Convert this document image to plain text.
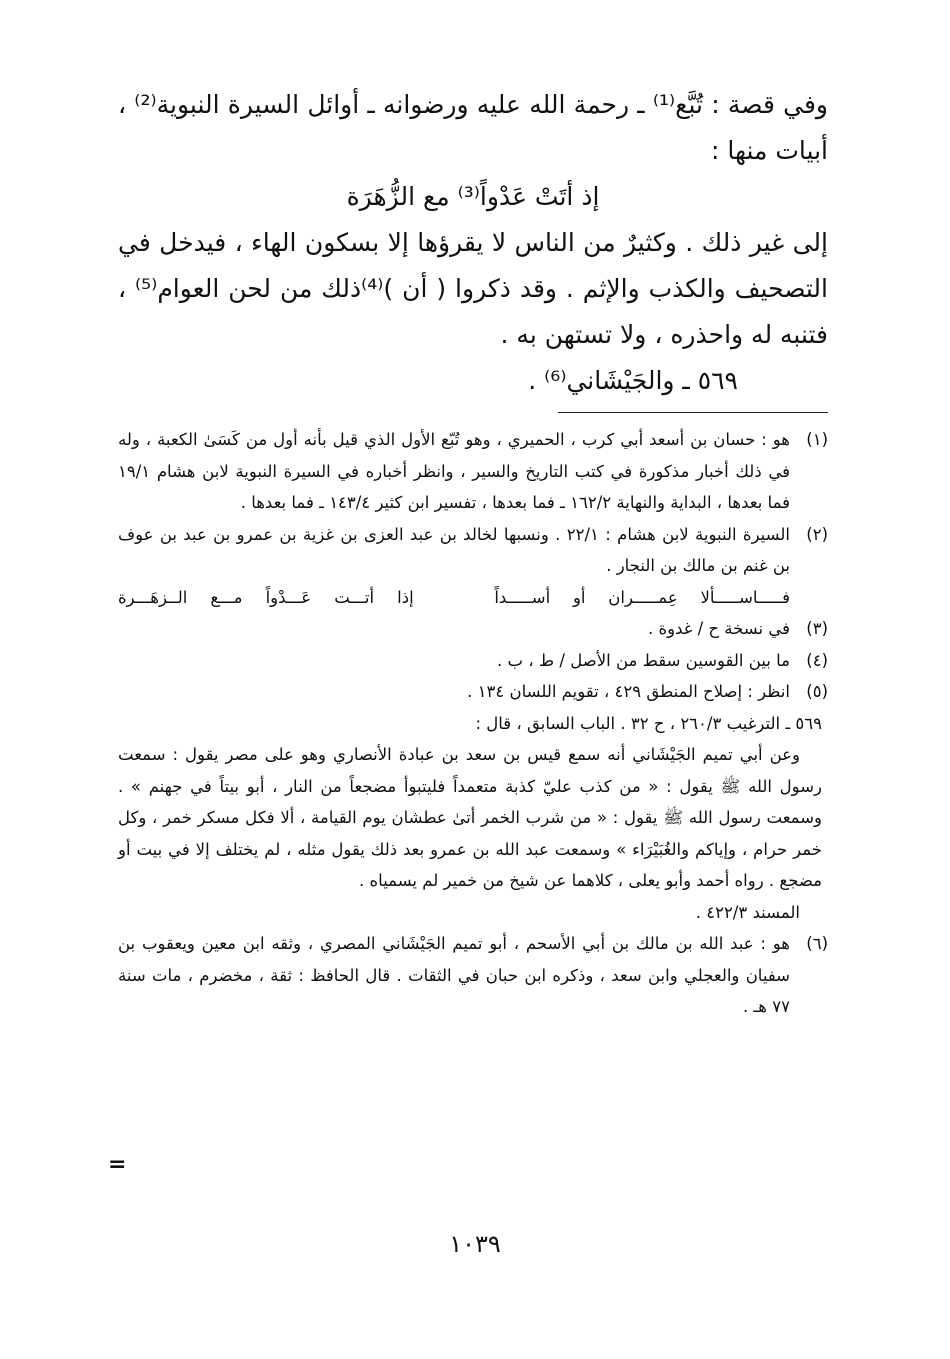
وفي قصة : تُبَّع⁽¹⁾ ـ رحمة الله عليه ورضوانه ـ أوائل السيرة النبوية⁽²⁾ ، أبيات منها :

إذ أتَتْ عَدْواً⁽³⁾ مع الزُّهَرَة

إلى غير ذلك . وكثيرٌ من الناس لا يقرؤها إلا بسكون الهاء ، فيدخل في التصحيف والكذب والإثم . وقد ذكروا ( أن )⁽⁴⁾ذلك من لحن العوام⁽⁵⁾ ، فتنبه له واحذره ، ولا تستهن به .

٥٦٩ ـ والجَيْشَاني⁽⁶⁾ .

(١)

هو : حسان بن أسعد أبي كرب ، الحميري ، وهو تُبّع الأول الذي قيل بأنه أول من كَسَىٰ الكعبة ، وله في ذلك أخبار مذكورة في كتب التاريخ والسير ، وانظر أخباره في السيرة النبوية لابن هشام ١٩/١ فما بعدها ، البداية والنهاية ١٦٢/٢ ـ فما بعدها ، تفسير ابن كثير ١٤٣/٤ ـ فما بعدها .

(٢)

السيرة النبوية لابن هشام : ٢٢/١ . ونسبها لخالد بن عبد العزى بن غزية بن عمرو بن عبد بن عوف بن غنم بن مالك بن النجار .

فـــــاســـــألا عِمـــــران أو أســـــداً
إذا أتـــت عَـــدْواً مـــع الــزهَـــرة
(٣)

في نسخة ح / غدوة .

(٤)

ما بين القوسين سقط من الأصل / ط ، ب .

(٥)

انظر : إصلاح المنطق ٤٢٩ ، تقويم اللسان ١٣٤ .

٥٦٩ ـ الترغيب ٢٦٠/٣ ، ح ٣٢ . الباب السابق ، قال :

وعن أبي تميم الجَيْشَاني أنه سمع قيس بن سعد بن عبادة الأنصاري وهو على مصر يقول : سمعت رسول الله ﷺ يقول : « من كذب عليّ كذبة متعمداً فليتبوأ مضجعاً من النار ، أبو بيتاً في جهنم » . وسمعت رسول الله ﷺ يقول : « من شرب الخمر أتىٰ عطشان يوم القيامة ، ألا فكل مسكر خمر ، وكل خمر حرام ، وإياكم والغُبَيْرَاء » وسمعت عبد الله بن عمرو بعد ذلك يقول مثله ، لم يختلف إلا في بيت أو مضجع . رواه أحمد وأبو يعلى ، كلاهما عن شيخ من خمير لم يسمياه .

المسند ٤٢٢/٣ .

(٦)

هو : عبد الله بن مالك بن أبي الأسحم ، أبو تميم الجَيْشَاني المصري ، وثقه ابن معين ويعقوب بن سفيان والعجلي وابن سعد ، وذكره ابن حبان في الثقات . قال الحافظ : ثقة ، مخضرم ، مات سنة ٧٧ هـ .

=
١٠٣٩
